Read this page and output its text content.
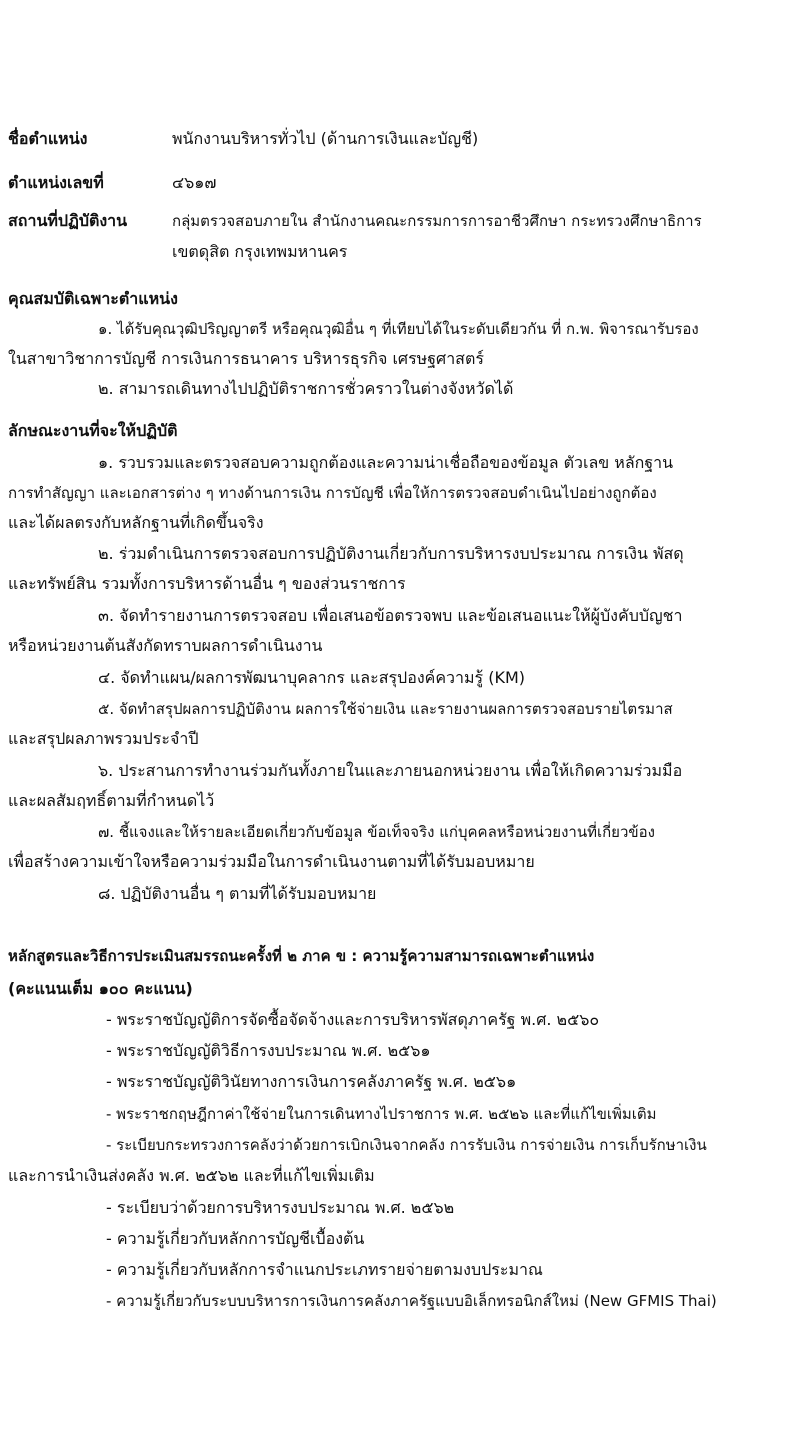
ชื่อตำแหน่ง	พนักงานบริหารทั่วไป (ด้านการเงินและบัญชี)
ตำแหน่งเลขที่	๔๖๑๗
สถานที่ปฏิบัติงาน	กลุ่มตรวจสอบภายใน สำนักงานคณะกรรมการการอาชีวศึกษา กระทรวงศึกษาธิการ
เขตดุสิต กรุงเทพมหานคร
คุณสมบัติเฉพาะตำแหน่ง
๑. ได้รับคุณวุฒิปริญญาตรี หรือคุณวุฒิอื่น ๆ ที่เทียบได้ในระดับเดียวกัน ที่ ก.พ. พิจารณารับรอง
ในสาขาวิชาการบัญชี การเงินการธนาคาร บริหารธุรกิจ เศรษฐศาสตร์
๒. สามารถเดินทางไปปฏิบัติราชการชั่วคราวในต่างจังหวัดได้
ลักษณะงานที่จะให้ปฏิบัติ
๑. รวบรวมและตรวจสอบความถูกต้องและความน่าเชื่อถือของข้อมูล ตัวเลข หลักฐาน
การทำสัญญา และเอกสารต่าง ๆ ทางด้านการเงิน การบัญชี เพื่อให้การตรวจสอบดำเนินไปอย่างถูกต้อง
และได้ผลตรงกับหลักฐานที่เกิดขึ้นจริง
๒. ร่วมดำเนินการตรวจสอบการปฏิบัติงานเกี่ยวกับการบริหารงบประมาณ การเงิน พัสดุ
และทรัพย์สิน รวมทั้งการบริหารด้านอื่น ๆ ของส่วนราชการ
๓. จัดทำรายงานการตรวจสอบ เพื่อเสนอข้อตรวจพบ และข้อเสนอแนะให้ผู้บังคับบัญชา
หรือหน่วยงานต้นสังกัดทราบผลการดำเนินงาน
๔. จัดทำแผน/ผลการพัฒนาบุคลากร และสรุปองค์ความรู้ (KM)
๕. จัดทำสรุปผลการปฏิบัติงาน ผลการใช้จ่ายเงิน และรายงานผลการตรวจสอบรายไตรมาส
และสรุปผลภาพรวมประจำปี
๖. ประสานการทำงานร่วมกันทั้งภายในและภายนอกหน่วยงาน เพื่อให้เกิดความร่วมมือ
และผลสัมฤทธิ์ตามที่กำหนดไว้
๗. ชี้แจงและให้รายละเอียดเกี่ยวกับข้อมูล ข้อเท็จจริง แก่บุคคลหรือหน่วยงานที่เกี่ยวข้อง
เพื่อสร้างความเข้าใจหรือความร่วมมือในการดำเนินงานตามที่ได้รับมอบหมาย
๘. ปฏิบัติงานอื่น ๆ ตามที่ได้รับมอบหมาย
หลักสูตรและวิธีการประเมินสมรรถนะครั้งที่ ๒ ภาค ข : ความรู้ความสามารถเฉพาะตำแหน่ง
(คะแนนเต็ม ๑๐๐ คะแนน)
- พระราชบัญญัติการจัดซื้อจัดจ้างและการบริหารพัสดุภาครัฐ พ.ศ. ๒๕๖๐
- พระราชบัญญัติวิธีการงบประมาณ พ.ศ. ๒๕๖๑
- พระราชบัญญัติวินัยทางการเงินการคลังภาครัฐ พ.ศ. ๒๕๖๑
- พระราชกฤษฎีกาค่าใช้จ่ายในการเดินทางไปราชการ พ.ศ. ๒๕๒๖ และที่แก้ไขเพิ่มเติม
- ระเบียบกระทรวงการคลังว่าด้วยการเบิกเงินจากคลัง การรับเงิน การจ่ายเงิน การเก็บรักษาเงิน
และการนำเงินส่งคลัง พ.ศ. ๒๕๖๒ และที่แก้ไขเพิ่มเติม
- ระเบียบว่าด้วยการบริหารงบประมาณ พ.ศ. ๒๕๖๒
- ความรู้เกี่ยวกับหลักการบัญชีเบื้องต้น
- ความรู้เกี่ยวกับหลักการจำแนกประเภทรายจ่ายตามงบประมาณ
- ความรู้เกี่ยวกับระบบบริหารการเงินการคลังภาครัฐแบบอิเล็กทรอนิกส์ใหม่ (New GFMIS Thai)
